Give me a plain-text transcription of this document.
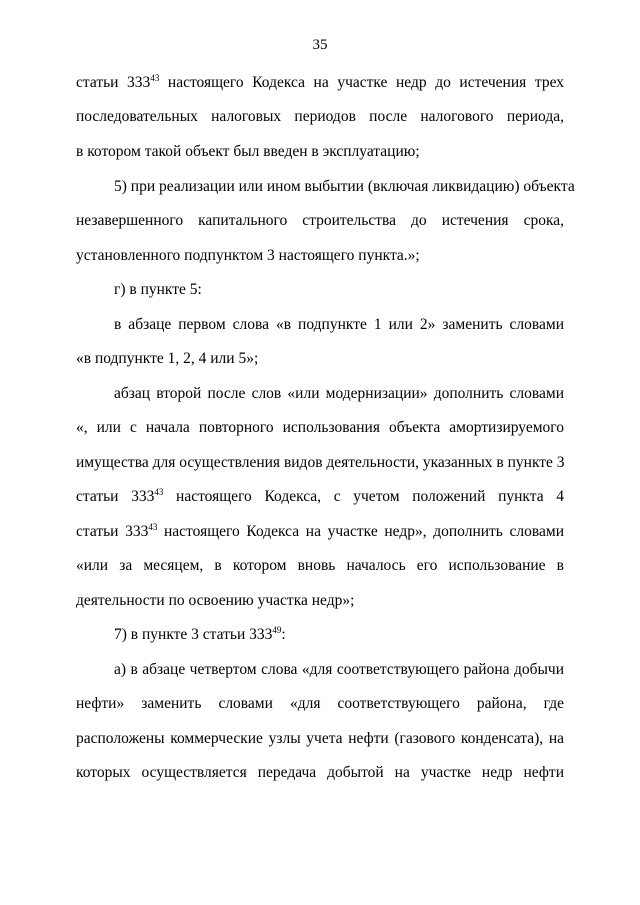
35
статьи $333^{43}$ настоящего Кодекса на участке недр до истечения трех
последовательных налоговых периодов после налогового периода,
в котором такой объект был введен в эксплуатацию;
5) при реализации или ином выбытии (включая ликвидацию) объекта
незавершенного капитального строительства до истечения срока,
установленного подпунктом 3 настоящего пункта.»;
г) в пункте 5:
в абзаце первом слова «в подпункте 1 или 2» заменить словами
«в подпункте 1, 2, 4 или 5»;
абзац второй после слов «или модернизации» дополнить словами
«, или с начала повторного использования объекта амортизируемого
имущества для осуществления видов деятельности, указанных в пункте 3
статьи $333^{43}$ настоящего Кодекса, с учетом положений пункта 4
статьи $333^{43}$ настоящего Кодекса на участке недр», дополнить словами
«или за месяцем, в котором вновь началось его использование в
деятельности по освоению участка недр»;
7) в пункте 3 статьи $333^{49}$:
а) в абзаце четвертом слова «для соответствующего района добычи
нефти» заменить словами «для соответствующего района, где
расположены коммерческие узлы учета нефти (газового конденсата), на
которых осуществляется передача добытой на участке недр нефти
